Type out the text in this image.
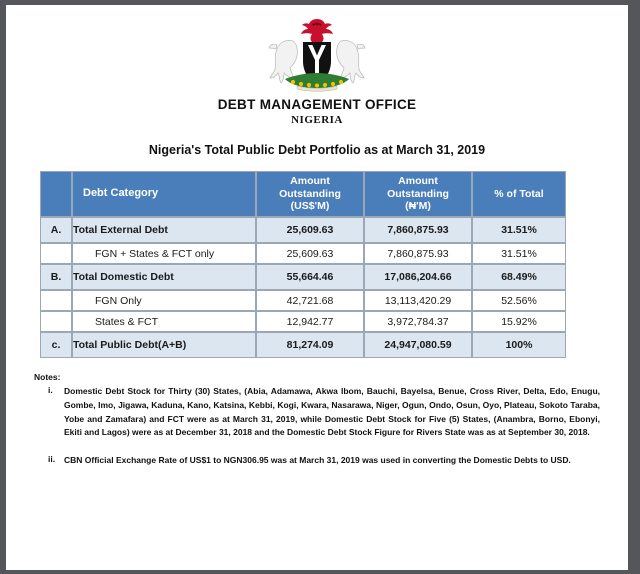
DEBT MANAGEMENT OFFICE
NIGERIA
Nigeria's Total Public Debt Portfolio as at March 31, 2019
	Debt Category	Amount
Outstanding
(US$'M)	Amount
Outstanding
(₦'M)	% of Total
A.	Total External Debt	25,609.63	7,860,875.93	31.51%
	FGN + States & FCT only	25,609.63	7,860,875.93	31.51%
B.	Total Domestic Debt	55,664.46	17,086,204.66	68.49%
	FGN Only	42,721.68	13,113,420.29	52.56%
	States & FCT	12,942.77	3,972,784.37	15.92%
c.	Total Public Debt(A+B)	81,274.09	24,947,080.59	100%
Notes:
i.	Domestic Debt Stock for Thirty (30) States, (Abia, Adamawa, Akwa Ibom, Bauchi, Bayelsa, Benue, Cross River, Delta, Edo, Enugu, Gombe, Imo, Jigawa, Kaduna, Kano, Katsina, Kebbi, Kogi, Kwara, Nasarawa, Niger, Ogun, Ondo, Osun, Oyo, Plateau, Sokoto Taraba, Yobe and Zamafara) and FCT were as at March 31, 2019, while Domestic Debt Stock for Five (5) States, (Anambra, Borno, Ebonyi, Ekiti and Lagos) were as at December 31, 2018 and the Domestic Debt Stock Figure for Rivers State was as at September 30, 2018.
ii.	CBN Official Exchange Rate of US$1 to NGN306.95 was at March 31, 2019 was used in converting the Domestic Debts to USD.
